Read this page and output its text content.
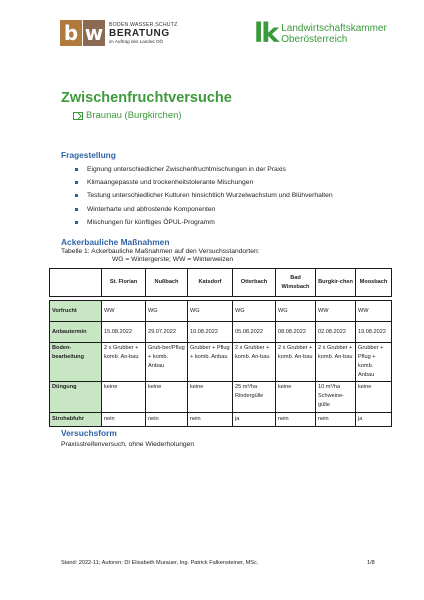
b w	BODEN.WASSER.SCHUTZ
BERATUNG
im Auftrag des Landes OÖ	lk Landwirtschaftskammer
Oberösterreich
Zwischenfruchtversuche
Braunau (Burgkirchen)
Fragestellung
Eignung unterschiedlicher Zwischenfruchtmischungen in der Praxis
Klimaangepasste und trockenheitstolerante Mischungen
Testung unterschiedlicher Kulturen hinsichtlich Wurzelwachstum und Blühverhalten
Winterharte und abfrostende Komponenten
Mischungen für künftiges ÖPUL-Programm
Ackerbauliche Maßnahmen
Tabelle 1: Ackerbauliche Maßnahmen auf den Versuchsstandorten:
WG = Wintergerste; WW = Winterweizen
	St. Florian	Nußbach	Katsdorf	Otterbach	Bad Wimsbach	Burgkir-chen	Moosbach

Vorfrucht	WW	WG	WG	WG	WG	WW	WW
Anbautermin	15.08.2022	29.07.2022	10.08.2022	05.08.2022	08.08.2022	02.08.2022	19.08.2022
Boden-bearbeitung	2 x Grubber + komb. An-bau	Grub-ber/Pflug + komb. Anbau	Grubber + Pflug + komb. Anbau	2 x Grubber + komb. An-bau	2 x Grubber + komb. An-bau	2 x Grubber + komb. An-bau	Grubber + Pflug + komb. Anbau
Düngung	keine	keine	keine	25 m³/ha Rindergülle	keine	10 m³/ha Schweine-gülle	keine
Strohabfuhr	nein	nein	nein	ja	nein	nein	ja
Versuchsform
Praxisstreifenversuch, ohne Wiederholungen
Stand: 2022-11; Autoren: DI Elisabeth Murauer, Ing. Patrick Falkensteiner, MSc.	1/8
